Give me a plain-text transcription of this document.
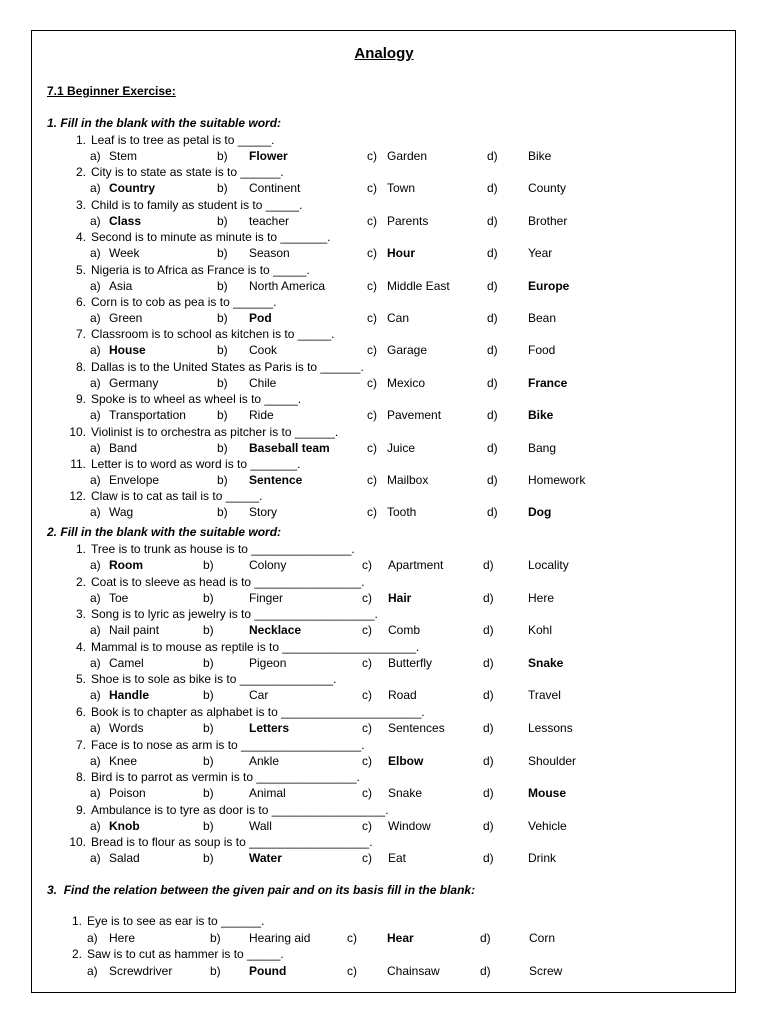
Analogy
7.1 Beginner Exercise:
1. Fill in the blank with the suitable word:
1. Leaf is to tree as petal is to _____.
a) Stem	b) Flower	c) Garden	d)	Bike
2. City is to state as state is to ______.
a) Country	b) Continent	c) Town	d)	County
3. Child is to family as student is to _____.
a) Class	b) teacher	c) Parents	d)	Brother
4. Second is to minute as minute is to _______.
a) Week	b) Season	c) Hour	d)	Year
5. Nigeria is to Africa as France is to _____.
a) Asia	b) North America	c) Middle East	d)	Europe
6. Corn is to cob as pea is to ______.
a) Green	b) Pod	c) Can	d)	Bean
7. Classroom is to school as kitchen is to _____.
a) House	b) Cook	c) Garage	d)	Food
8. Dallas is to the United States as Paris is to ______.
a) Germany	b) Chile	c) Mexico	d)	France
9. Spoke is to wheel as wheel is to _____.
a) Transportation	b) Ride	c) Pavement	d)	Bike
10. Violinist is to orchestra as pitcher is to ______.
a) Band	b) Baseball team	c) Juice	d)	Bang
11. Letter is to word as word is to _______.
a) Envelope	b) Sentence	c) Mailbox	d)	Homework
12. Claw is to cat as tail is to _____.
a) Wag	b) Story	c) Tooth	d)	Dog
2. Fill in the blank with the suitable word:
1. Tree is to trunk as house is to _______________.
a) Room	b)	Colony	c) Apartment	d)	Locality
2. Coat is to sleeve as head is to ________________.
a) Toe	b)	Finger	c) Hair	d)	Here
3. Song is to lyric as jewelry is to __________________.
a) Nail paint	b)	Necklace	c) Comb	d)	Kohl
4. Mammal is to mouse as reptile is to ____________________.
a) Camel	b)	Pigeon	c) Butterfly	d)	Snake
5. Shoe is to sole as bike is to ______________.
a) Handle	b)	Car	c) Road	d)	Travel
6. Book is to chapter as alphabet is to _____________________.
a) Words	b)	Letters	c) Sentences	d)	Lessons
7. Face is to nose as arm is to __________________.
a) Knee	b)	Ankle	c) Elbow	d)	Shoulder
8. Bird is to parrot as vermin is to _______________.
a) Poison	b)	Animal	c) Snake	d)	Mouse
9. Ambulance is to tyre as door is to _________________.
a) Knob	b)	Wall	c) Window	d)	Vehicle
10. Bread is to flour as soup is to __________________.
a) Salad	b)	Water	c) Eat	d)	Drink
3. Find the relation between the given pair and on its basis fill in the blank:
1. Eye is to see as ear is to ______.
a) Here	b) Hearing aid	c)	Hear	d)	Corn
2. Saw is to cut as hammer is to _____.
a) Screwdriver	b) Pound	c)	Chainsaw	d)	Screw
